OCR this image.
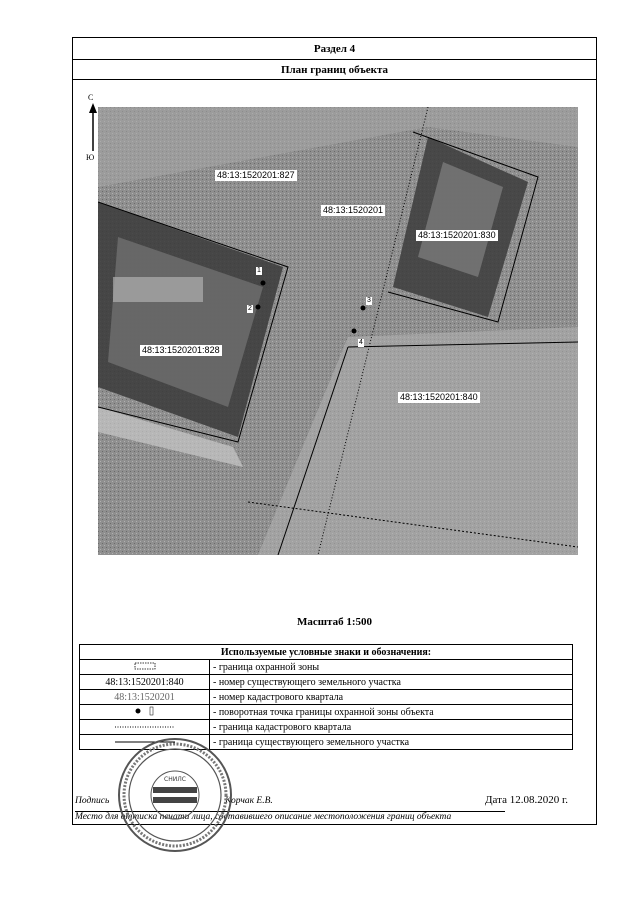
Раздел 4
План границ объекта
С
Ю
48:13:1520201:827
48:13:1520201
48:13:1520201:830
48:13:1520201:828
48:13:1520201:840
1
2
3
4
Масштаб 1:500
Используемые условные знаки и обозначения:	
	- граница охранной зоны
48:13:1520201:840	- номер существующего земельного участка
48:13:1520201	- номер кадастрового квартала
	- поворотная точка границы охранной зоны объекта
	- граница кадастрового квартала
	- граница существующего земельного участка
Подпись	Корчак Е.В.	Дата 12.08.2020 г.
Место для оттиска печати лица, составившего описание местоположения границ объекта
СНИЛС
